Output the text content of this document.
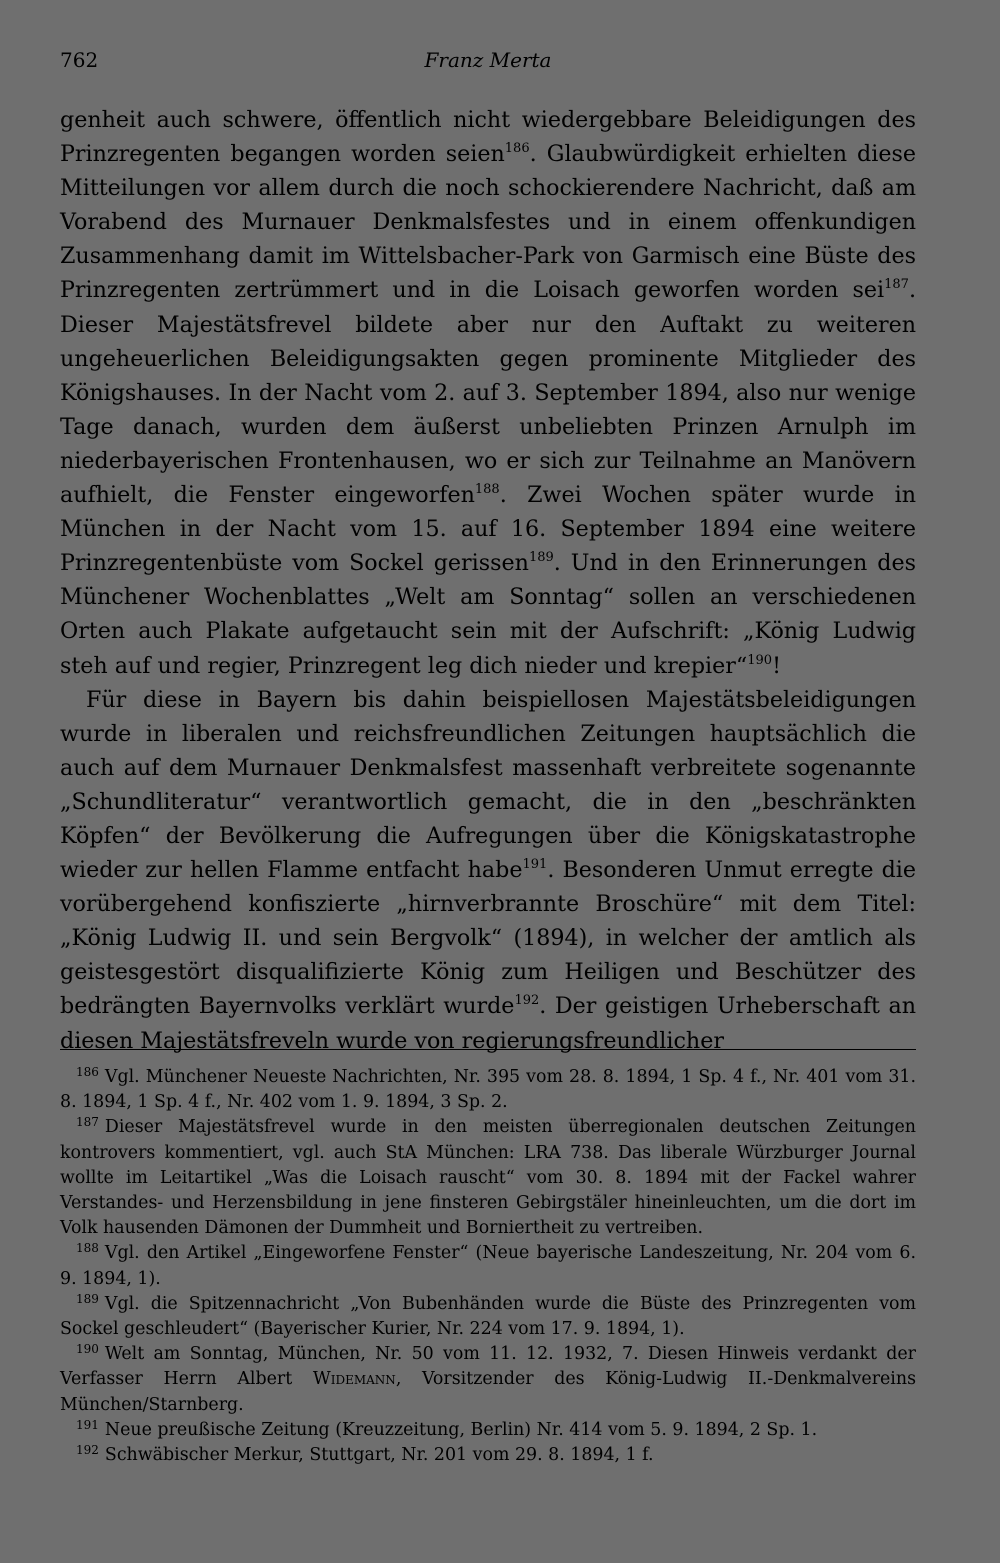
762	Franz Merta

genheit auch schwere, öffentlich nicht wiedergebbare Beleidigungen des Prinzregenten begangen worden seien$^{186}$. Glaubwürdigkeit erhielten diese Mitteilungen vor allem durch die noch schockierendere Nachricht, daß am Vorabend des Murnauer Denkmalsfestes und in einem offenkundigen Zusammenhang damit im Wittelsbacher-Park von Garmisch eine Büste des Prinzregenten zertrümmert und in die Loisach geworfen worden sei$^{187}$. Dieser Majestätsfrevel bildete aber nur den Auftakt zu weiteren ungeheuerlichen Beleidigungsakten gegen prominente Mitglieder des Königshauses. In der Nacht vom 2. auf 3. September 1894, also nur wenige Tage danach, wurden dem äußerst unbeliebten Prinzen Arnulph im niederbayerischen Frontenhausen, wo er sich zur Teilnahme an Manövern aufhielt, die Fenster eingeworfen$^{188}$. Zwei Wochen später wurde in München in der Nacht vom 15. auf 16. September 1894 eine weitere Prinzregentenbüste vom Sockel gerissen$^{189}$. Und in den Erinnerungen des Münchener Wochenblattes „Welt am Sonntag“ sollen an verschiedenen Orten auch Plakate aufgetaucht sein mit der Aufschrift: „König Ludwig steh auf und regier, Prinzregent leg dich nieder und krepier“$^{190}$!

Für diese in Bayern bis dahin beispiellosen Majestätsbeleidigungen wurde in liberalen und reichsfreundlichen Zeitungen hauptsächlich die auch auf dem Murnauer Denkmalsfest massenhaft verbreitete sogenannte „Schundliteratur“ verantwortlich gemacht, die in den „beschränkten Köpfen“ der Bevölkerung die Aufregungen über die Königskatastrophe wieder zur hellen Flamme entfacht habe$^{191}$. Besonderen Unmut erregte die vorübergehend konfiszierte „hirnverbrannte Broschüre“ mit dem Titel: „König Ludwig II. und sein Bergvolk“ (1894), in welcher der amtlich als geistesgestört disqualifizierte König zum Heiligen und Beschützer des bedrängten Bayernvolks verklärt wurde$^{192}$. Der geistigen Urheberschaft an diesen Majestätsfreveln wurde von regierungsfreundlicher

186 Vgl. Münchener Neueste Nachrichten, Nr. 395 vom 28. 8. 1894, 1 Sp. 4 f., Nr. 401 vom 31. 8. 1894, 1 Sp. 4 f., Nr. 402 vom 1. 9. 1894, 3 Sp. 2.

187 Dieser Majestätsfrevel wurde in den meisten überregionalen deutschen Zeitungen kontrovers kommentiert, vgl. auch StA München: LRA 738. Das liberale Würzburger Journal wollte im Leitartikel „Was die Loisach rauscht“ vom 30. 8. 1894 mit der Fackel wahrer Verstandes- und Herzensbildung in jene finsteren Gebirgstäler hineinleuchten, um die dort im Volk hausenden Dämonen der Dummheit und Borniertheit zu vertreiben.

188 Vgl. den Artikel „Eingeworfene Fenster“ (Neue bayerische Landeszeitung, Nr. 204 vom 6. 9. 1894, 1).

189 Vgl. die Spitzennachricht „Von Bubenhänden wurde die Büste des Prinzregenten vom Sockel geschleudert“ (Bayerischer Kurier, Nr. 224 vom 17. 9. 1894, 1).

190 Welt am Sonntag, München, Nr. 50 vom 11. 12. 1932, 7. Diesen Hinweis verdankt der Verfasser Herrn Albert Widemann, Vorsitzender des König-Ludwig II.-Denkmalvereins München/Starnberg.

191 Neue preußische Zeitung (Kreuzzeitung, Berlin) Nr. 414 vom 5. 9. 1894, 2 Sp. 1.

192 Schwäbischer Merkur, Stuttgart, Nr. 201 vom 29. 8. 1894, 1 f.
